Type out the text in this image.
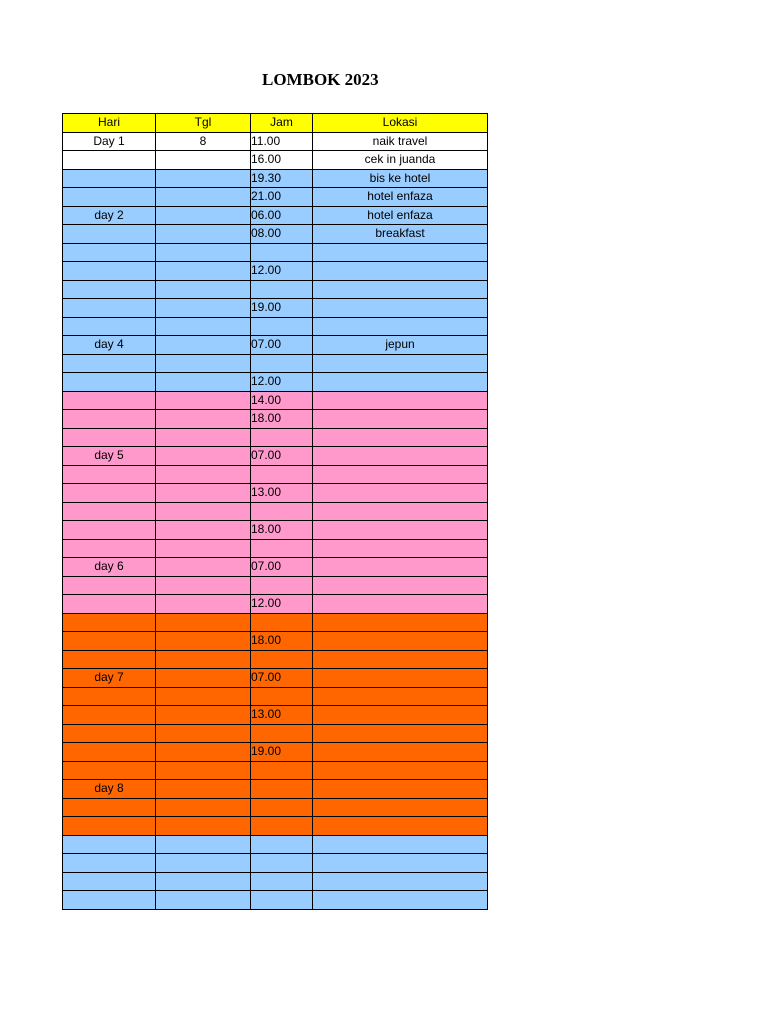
LOMBOK 2023
Hari	Tgl	Jam	Lokasi
Day 1	8	11.00	naik travel
		16.00	cek in juanda
		19.30	bis ke hotel
		21.00	hotel enfaza
day 2		06.00	hotel enfaza
		08.00	breakfast

		12.00	

		19.00	

day 4		07.00	jepun

		12.00	
		14.00	
		18.00	

day 5		07.00	

		13.00	

		18.00	

day 6		07.00	

		12.00	

		18.00	

day 7		07.00	

		13.00	

		19.00	

day 8			
